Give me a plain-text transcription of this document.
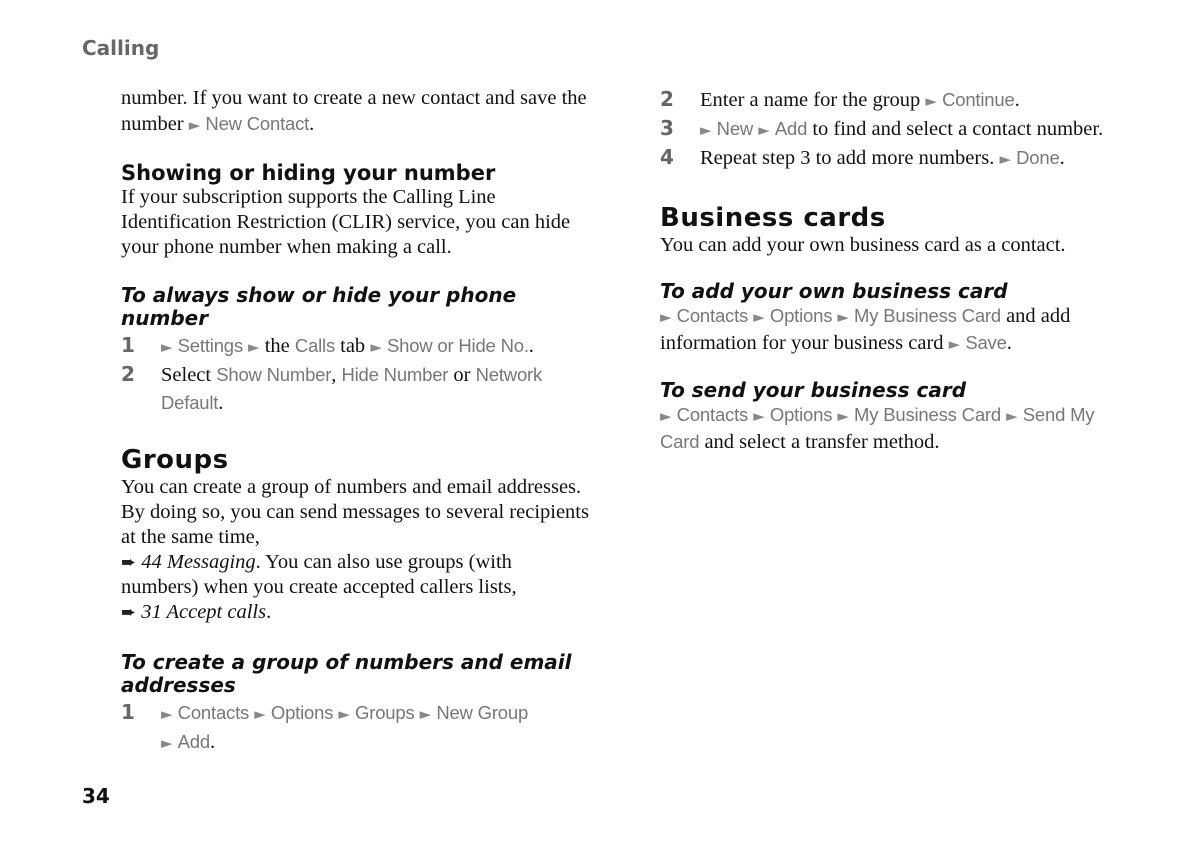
Calling

number. If you want to create a new contact and save the number ► New Contact.

Showing or hiding your number

If your subscription supports the Calling Line Identification Restriction (CLIR) service, you can hide your phone number when making a call.

To always show or hide your phone number
1 ► Settings ► the Calls tab ► Show or Hide No..
2 Select Show Number, Hide Number or Network Default.
Groups

You can create a group of numbers and email addresses. By doing so, you can send messages to several recipients at the same time,
➨ 44 Messaging. You can also use groups (with numbers) when you create accepted callers lists,
➨ 31 Accept calls.

To create a group of numbers and email addresses
1 ► Contacts ► Options ► Groups ► New Group
► Add.
2 Enter a name for the group ► Continue.
3 ► New ► Add to find and select a contact number.
4 Repeat step 3 to add more numbers. ► Done.
Business cards

You can add your own business card as a contact.

To add your own business card

► Contacts ► Options ► My Business Card and add information for your business card ► Save.

To send your business card

► Contacts ► Options ► My Business Card ► Send My Card and select a transfer method.

34
